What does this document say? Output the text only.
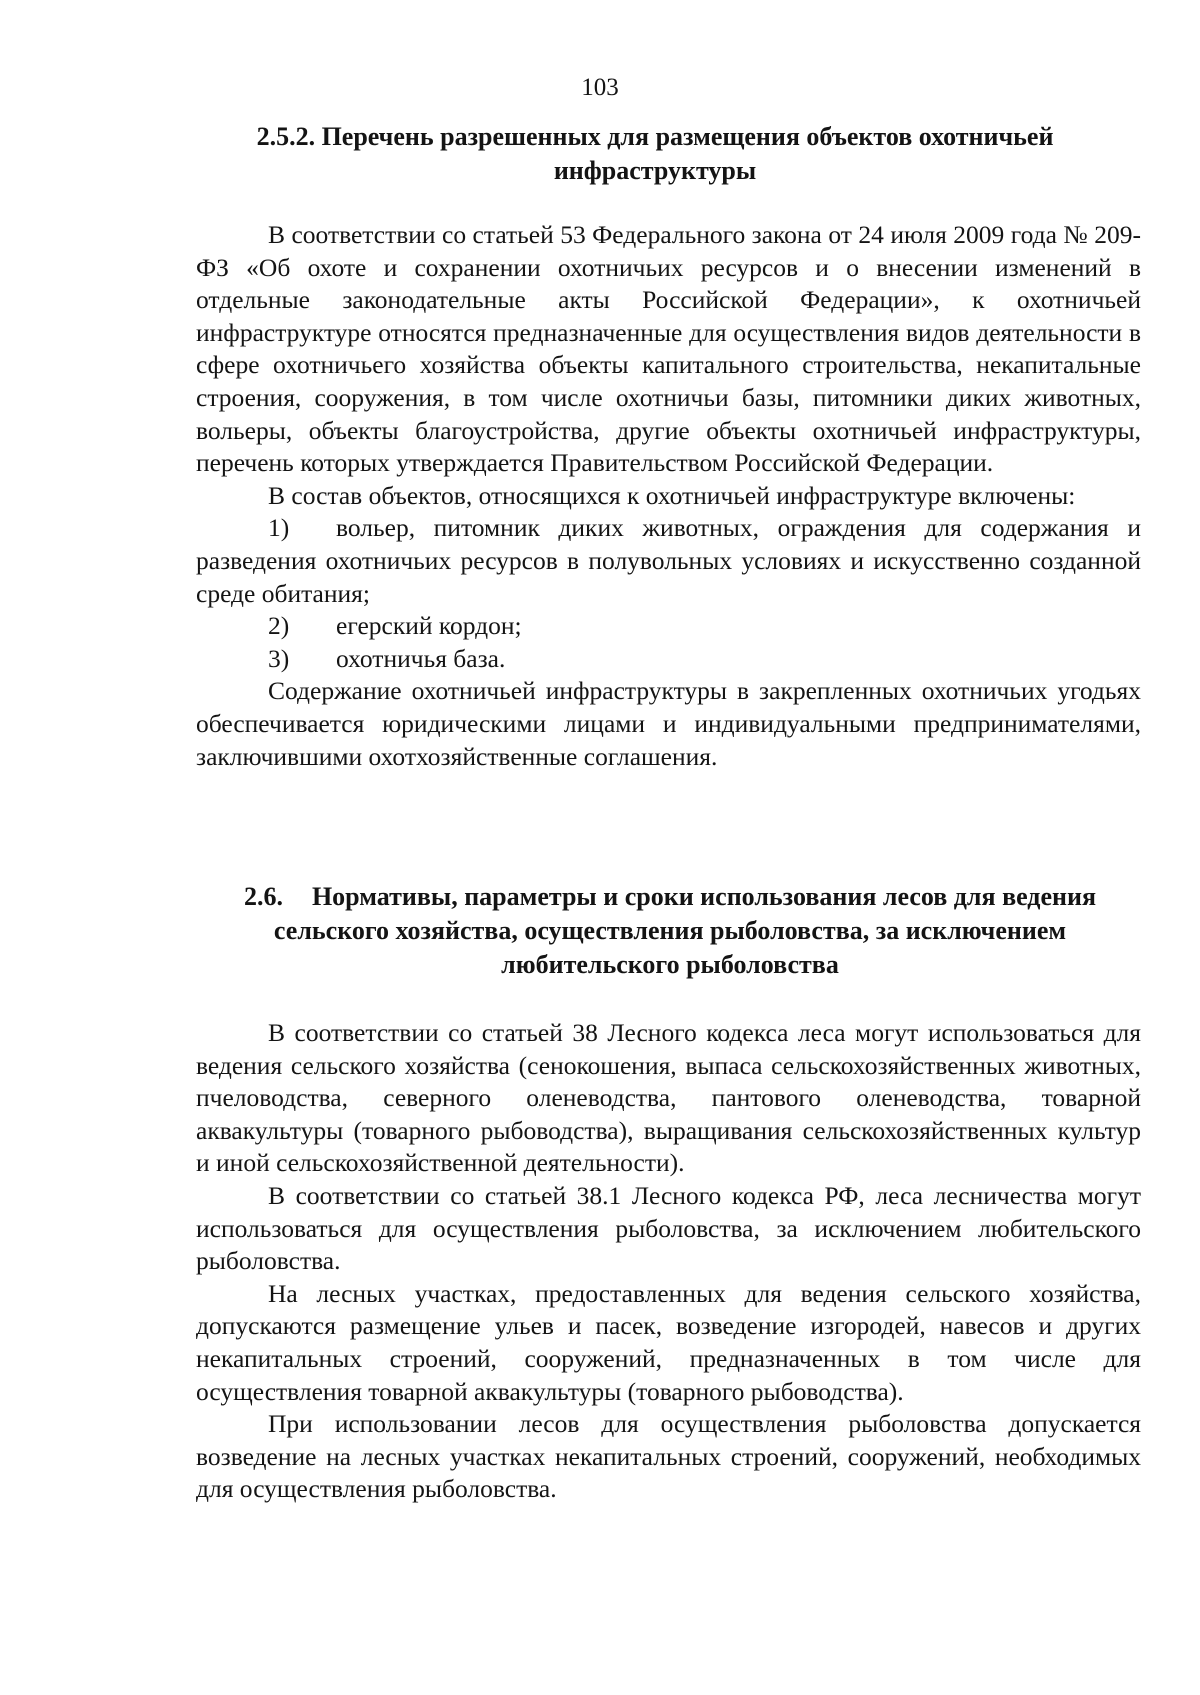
103
2.5.2. Перечень разрешенных для размещения объектов охотничьей
инфраструктуры

В соответствии со статьей 53 Федерального закона от 24 июля 2009 года № 209-ФЗ «Об охоте и сохранении охотничьих ресурсов и о внесении изменений в отдельные законодательные акты Российской Федерации», к охотничьей инфраструктуре относятся предназначенные для осуществления видов деятельности в сфере охотничьего хозяйства объекты капитального строительства, некапитальные строения, сооружения, в том числе охотничьи базы, питомники диких животных, вольеры, объекты благоустройства, другие объекты охотничьей инфраструктуры, перечень которых утверждается Правительством Российской Федерации.

В состав объектов, относящихся к охотничьей инфраструктуре включены:

1) вольер, питомник диких животных, ограждения для содержания и разведения охотничьих ресурсов в полувольных условиях и искусственно созданной среде обитания;

2) егерский кордон;

3) охотничья база.

Содержание охотничьей инфраструктуры в закрепленных охотничьих угодьях обеспечивается юридическими лицами и индивидуальными предпринимателями, заключившими охотхозяйственные соглашения.

2.6. Нормативы, параметры и сроки использования лесов для ведения
сельского хозяйства, осуществления рыболовства, за исключением
любительского рыболовства

В соответствии со статьей 38 Лесного кодекса леса могут использоваться для ведения сельского хозяйства (сенокошения, выпаса сельскохозяйственных животных, пчеловодства, северного оленеводства, пантового оленеводства, товарной аквакультуры (товарного рыбоводства), выращивания сельскохозяйственных культур и иной сельскохозяйственной деятельности).

В соответствии со статьей 38.1 Лесного кодекса РФ, леса лесничества могут использоваться для осуществления рыболовства, за исключением любительского рыболовства.

На лесных участках, предоставленных для ведения сельского хозяйства, допускаются размещение ульев и пасек, возведение изгородей, навесов и других некапитальных строений, сооружений, предназначенных в том числе для осуществления товарной аквакультуры (товарного рыбоводства).

При использовании лесов для осуществления рыболовства допускается возведение на лесных участках некапитальных строений, сооружений, необходимых для осуществления рыболовства.
